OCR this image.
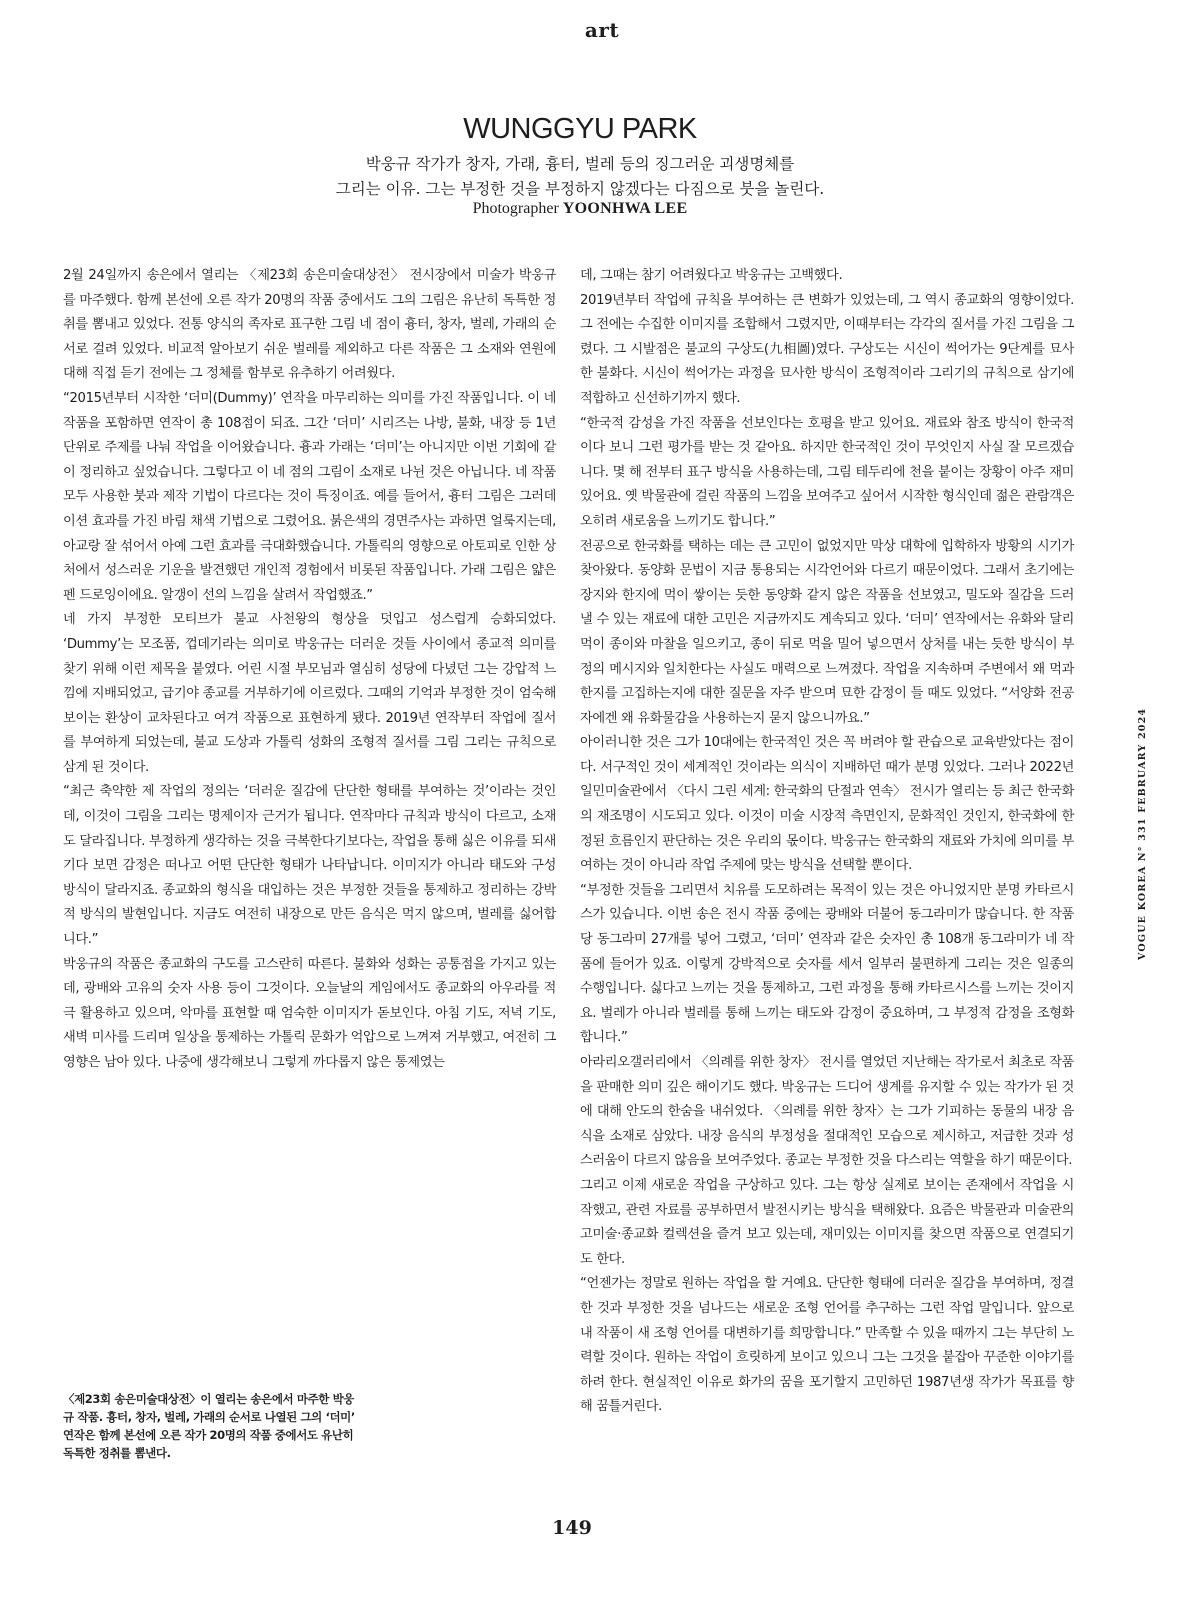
art
WUNGGYU PARK
박웅규 작가가 창자, 가래, 흉터, 벌레 등의 징그러운 괴생명체를
그리는 이유. 그는 부정한 것을 부정하지 않겠다는 다짐으로 붓을 놀린다.
Photographer YOONHWA LEE

2월 24일까지 송은에서 열리는 〈제23회 송은미술대상전〉 전시장에서 미술가 박웅규를 마주했다. 함께 본선에 오른 작가 20명의 작품 중에서도 그의 그림은 유난히 독특한 정취를 뽐내고 있었다. 전통 양식의 족자로 표구한 그림 네 점이 흉터, 창자, 벌레, 가래의 순서로 걸려 있었다. 비교적 알아보기 쉬운 벌레를 제외하고 다른 작품은 그 소재와 연원에 대해 직접 듣기 전에는 그 정체를 함부로 유추하기 어려웠다.

“2015년부터 시작한 ‘더미(Dummy)’ 연작을 마무리하는 의미를 가진 작품입니다. 이 네 작품을 포함하면 연작이 총 108점이 되죠. 그간 ‘더미’ 시리즈는 나방, 불화, 내장 등 1년 단위로 주제를 나눠 작업을 이어왔습니다. 흉과 가래는 ‘더미’는 아니지만 이번 기회에 같이 정리하고 싶었습니다. 그렇다고 이 네 점의 그림이 소재로 나뉜 것은 아닙니다. 네 작품 모두 사용한 붓과 제작 기법이 다르다는 것이 특징이죠. 예를 들어서, 흉터 그림은 그러데이션 효과를 가진 바림 채색 기법으로 그렸어요. 붉은색의 경면주사는 과하면 얼룩지는데, 아교랑 잘 섞어서 아예 그런 효과를 극대화했습니다. 가톨릭의 영향으로 아토피로 인한 상처에서 성스러운 기운을 발견했던 개인적 경험에서 비롯된 작품입니다. 가래 그림은 얇은 펜 드로잉이에요. 알갱이 선의 느낌을 살려서 작업했죠.”

네 가지 부정한 모티브가 불교 사천왕의 형상을 덧입고 성스럽게 승화되었다. ‘Dummy’는 모조품, 껍데기라는 의미로 박웅규는 더러운 것들 사이에서 종교적 의미를 찾기 위해 이런 제목을 붙였다. 어린 시절 부모님과 열심히 성당에 다녔던 그는 강압적 느낌에 지배되었고, 급기야 종교를 거부하기에 이르렀다. 그때의 기억과 부정한 것이 엄숙해 보이는 환상이 교차된다고 여겨 작품으로 표현하게 됐다. 2019년 연작부터 작업에 질서를 부여하게 되었는데, 불교 도상과 가톨릭 성화의 조형적 질서를 그림 그리는 규칙으로 삼게 된 것이다.

“최근 축약한 제 작업의 정의는 ‘더러운 질감에 단단한 형태를 부여하는 것’이라는 것인데, 이것이 그림을 그리는 명제이자 근거가 됩니다. 연작마다 규칙과 방식이 다르고, 소재도 달라집니다. 부정하게 생각하는 것을 극복한다기보다는, 작업을 통해 싫은 이유를 되새기다 보면 감정은 떠나고 어떤 단단한 형태가 나타납니다. 이미지가 아니라 태도와 구성 방식이 달라지죠. 종교화의 형식을 대입하는 것은 부정한 것들을 통제하고 정리하는 강박적 방식의 발현입니다. 지금도 여전히 내장으로 만든 음식은 먹지 않으며, 벌레를 싫어합니다.”

박웅규의 작품은 종교화의 구도를 고스란히 따른다. 불화와 성화는 공통점을 가지고 있는데, 광배와 고유의 숫자 사용 등이 그것이다. 오늘날의 게임에서도 종교화의 아우라를 적극 활용하고 있으며, 악마를 표현할 때 엄숙한 이미지가 돋보인다. 아침 기도, 저녁 기도, 새벽 미사를 드리며 일상을 통제하는 가톨릭 문화가 억압으로 느껴져 거부했고, 여전히 그 영향은 남아 있다. 나중에 생각해보니 그렇게 까다롭지 않은 통제였는

데, 그때는 참기 어려웠다고 박웅규는 고백했다.

2019년부터 작업에 규칙을 부여하는 큰 변화가 있었는데, 그 역시 종교화의 영향이었다. 그 전에는 수집한 이미지를 조합해서 그렸지만, 이때부터는 각각의 질서를 가진 그림을 그렸다. 그 시발점은 불교의 구상도(九相圖)였다. 구상도는 시신이 썩어가는 9단계를 묘사한 불화다. 시신이 썩어가는 과정을 묘사한 방식이 조형적이라 그리기의 규칙으로 삼기에 적합하고 신선하기까지 했다.

“한국적 감성을 가진 작품을 선보인다는 호평을 받고 있어요. 재료와 참조 방식이 한국적이다 보니 그런 평가를 받는 것 같아요. 하지만 한국적인 것이 무엇인지 사실 잘 모르겠습니다. 몇 해 전부터 표구 방식을 사용하는데, 그림 테두리에 천을 붙이는 장황이 아주 재미있어요. 옛 박물관에 걸린 작품의 느낌을 보여주고 싶어서 시작한 형식인데 젊은 관람객은 오히려 새로움을 느끼기도 합니다.”

전공으로 한국화를 택하는 데는 큰 고민이 없었지만 막상 대학에 입학하자 방황의 시기가 찾아왔다. 동양화 문법이 지금 통용되는 시각언어와 다르기 때문이었다. 그래서 초기에는 장지와 한지에 먹이 쌓이는 듯한 동양화 같지 않은 작품을 선보였고, 밀도와 질감을 드러낼 수 있는 재료에 대한 고민은 지금까지도 계속되고 있다. ‘더미’ 연작에서는 유화와 달리 먹이 종이와 마찰을 일으키고, 종이 뒤로 먹을 밀어 넣으면서 상처를 내는 듯한 방식이 부정의 메시지와 일치한다는 사실도 매력으로 느껴졌다. 작업을 지속하며 주변에서 왜 먹과 한지를 고집하는지에 대한 질문을 자주 받으며 묘한 감정이 들 때도 있었다. “서양화 전공자에겐 왜 유화물감을 사용하는지 묻지 않으니까요.”

아이러니한 것은 그가 10대에는 한국적인 것은 꼭 버려야 할 관습으로 교육받았다는 점이다. 서구적인 것이 세계적인 것이라는 의식이 지배하던 때가 분명 있었다. 그러나 2022년 일민미술관에서 〈다시 그린 세계: 한국화의 단절과 연속〉 전시가 열리는 등 최근 한국화의 재조명이 시도되고 있다. 이것이 미술 시장적 측면인지, 문화적인 것인지, 한국화에 한정된 흐름인지 판단하는 것은 우리의 몫이다. 박웅규는 한국화의 재료와 가치에 의미를 부여하는 것이 아니라 작업 주제에 맞는 방식을 선택할 뿐이다.

“부정한 것들을 그리면서 치유를 도모하려는 목적이 있는 것은 아니었지만 분명 카타르시스가 있습니다. 이번 송은 전시 작품 중에는 광배와 더불어 동그라미가 많습니다. 한 작품당 동그라미 27개를 넣어 그렸고, ‘더미’ 연작과 같은 숫자인 총 108개 동그라미가 네 작품에 들어가 있죠. 이렇게 강박적으로 숫자를 세서 일부러 불편하게 그리는 것은 일종의 수행입니다. 싫다고 느끼는 것을 통제하고, 그런 과정을 통해 카타르시스를 느끼는 것이지요. 벌레가 아니라 벌레를 통해 느끼는 태도와 감정이 중요하며, 그 부정적 감정을 조형화합니다.”

아라리오갤러리에서 〈의례를 위한 창자〉 전시를 열었던 지난해는 작가로서 최초로 작품을 판매한 의미 깊은 해이기도 했다. 박웅규는 드디어 생계를 유지할 수 있는 작가가 된 것에 대해 안도의 한숨을 내쉬었다. 〈의례를 위한 창자〉는 그가 기피하는 동물의 내장 음식을 소재로 삼았다. 내장 음식의 부정성을 절대적인 모습으로 제시하고, 저급한 것과 성스러움이 다르지 않음을 보여주었다. 종교는 부정한 것을 다스리는 역할을 하기 때문이다.

그리고 이제 새로운 작업을 구상하고 있다. 그는 항상 실제로 보이는 존재에서 작업을 시작했고, 관련 자료를 공부하면서 발전시키는 방식을 택해왔다. 요즘은 박물관과 미술관의 고미술·종교화 컬렉션을 즐겨 보고 있는데, 재미있는 이미지를 찾으면 작품으로 연결되기도 한다.

“언젠가는 정말로 원하는 작업을 할 거예요. 단단한 형태에 더러운 질감을 부여하며, 정결한 것과 부정한 것을 넘나드는 새로운 조형 언어를 추구하는 그런 작업 말입니다. 앞으로 내 작품이 새 조형 언어를 대변하기를 희망합니다.” 만족할 수 있을 때까지 그는 부단히 노력할 것이다. 원하는 작업이 흐릿하게 보이고 있으니 그는 그것을 붙잡아 꾸준한 이야기를 하려 한다. 현실적인 이유로 화가의 꿈을 포기할지 고민하던 1987년생 작가가 목표를 향해 꿈틀거린다.

〈제23회 송은미술대상전〉이 열리는 송은에서 마주한 박웅규 작품. 흉터, 창자, 벌레, 가래의 순서로 나열된 그의 ‘더미’ 연작은 함께 본선에 오른 작가 20명의 작품 중에서도 유난히 독특한 정취를 뽐낸다.
VOGUE KOREA N° 331 FEBRUARY 2024
149
